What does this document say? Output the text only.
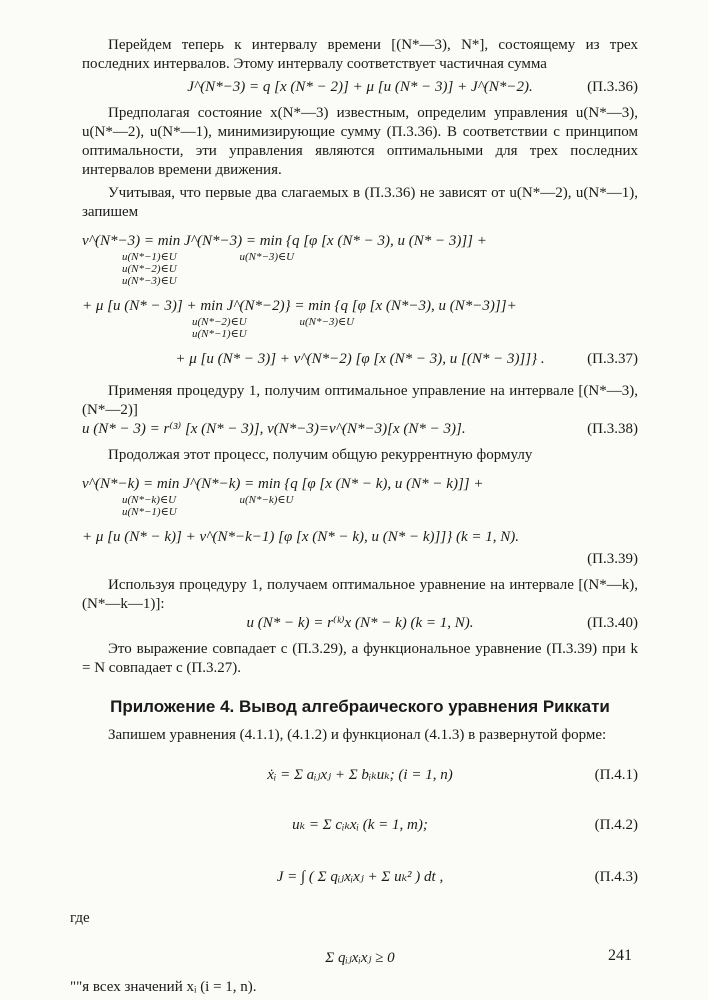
Перейдем теперь к интервалу времени [(N*—3), N*], состоящему из трех последних интервалов. Этому интервалу соответствует частичная сумма

J^(N*−3) = q [x (N* − 2)] + μ [u (N* − 3)] + J^(N*−2).	(П.3.36)

Предполагая состояние x(N*—3) известным, определим управления u(N*—3), u(N*—2), u(N*—1), минимизирующие сумму (П.3.36). В соответствии с принципом оптимальности, эти управления являются оптимальными для трех последних интервалов времени движения.

Учитывая, что первые два слагаемых в (П.3.36) не зависят от u(N*—2), u(N*—1), запишем

v^(N*−3) = min J^(N*−3) = min {q [φ [x (N* − 3), u (N* − 3)]] +
u(N*−1)∈U
u(N*−2)∈U
u(N*−3)∈U

u(N*−3)∈U
+ μ [u (N* − 3)] + min J^(N*−2)} = min {q [φ [x (N*−3), u (N*−3)]]+
u(N*−2)∈U
u(N*−1)∈U

u(N*−3)∈U
+ μ [u (N* − 3)] + v^(N*−2) [φ [x (N* − 3), u [(N* − 3)]]} .	(П.3.37)

Применяя процедуру 1, получим оптимальное управление на интервале [(N*—3), (N*—2)]

u (N* − 3) = r⁽³⁾ [x (N* − 3)], v(N*−3)=v^(N*−3)[x (N* − 3)].	(П.3.38)

Продолжая этот процесс, получим общую рекуррентную формулу

v^(N*−k) = min J^(N*−k) = min {q [φ [x (N* − k), u (N* − k)]] +
u(N*−k)∈U
u(N*−1)∈U

u(N*−k)∈U
+ μ [u (N* − k)] + v^(N*−k−1) [φ [x (N* − k), u (N* − k)]]} (k = 1, N).
(П.3.39)

Используя процедуру 1, получаем оптимальное уравнение на интервале [(N*—k), (N*—k—1)]:

u (N* − k) = r⁽ᵏ⁾x (N* − k) (k = 1, N).	(П.3.40)

Это выражение совпадает с (П.3.29), а функциональное уравнение (П.3.39) при k = N совпадает с (П.3.27).

Приложение 4. Вывод алгебраического уравнения Риккати

Запишем уравнения (4.1.1), (4.1.2) и функционал (4.1.3) в развернутой форме:

ẋᵢ = Σ aᵢⱼxⱼ + Σ bᵢₖuₖ; (i = 1, n)	(П.4.1)
uₖ = Σ cᵢₖxᵢ (k = 1, m);	(П.4.2)
J = ∫ ( Σ qᵢⱼxᵢxⱼ + Σ uₖ² ) dt ,	(П.4.3)

где

Σ qᵢⱼxᵢxⱼ ≥ 0

""я всех значений xᵢ (i = 1, n).

241
